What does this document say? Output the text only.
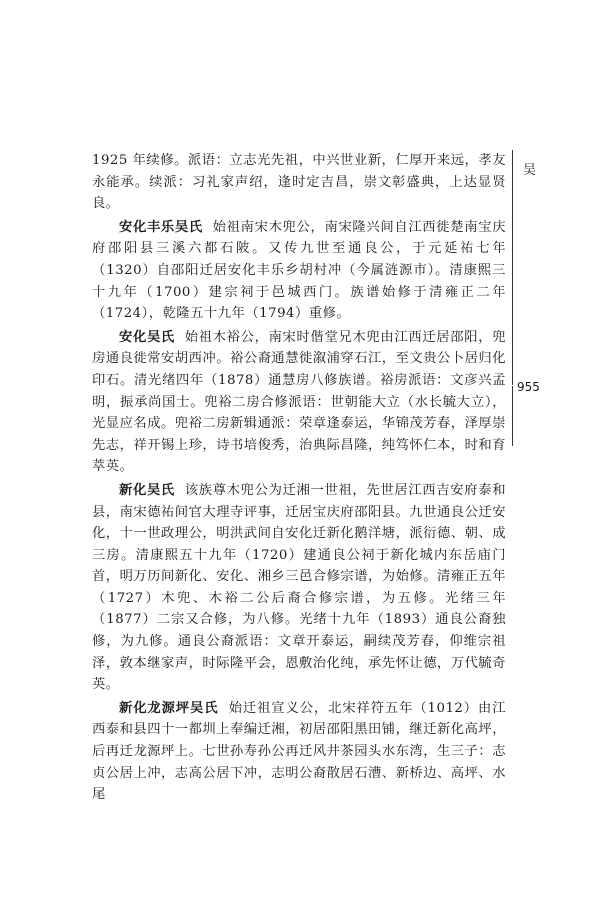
吴
955

1925 年续修。派语：立志光先祖，中兴世业新，仁厚开来远，孝友永能承。续派：习礼家声绍，逢时定吉昌，崇文彰盛典，上达显贤良。

安化丰乐吴氏 始祖南宋木兜公，南宋隆兴间自江西徙楚南宝庆府邵阳县三溪六都石陂。又传九世至通良公，于元延祐七年（1320）自邵阳迁居安化丰乐乡胡村冲（今属涟源市）。清康熙三十九年（1700）建宗祠于邑城西门。族谱始修于清雍正二年（1724），乾隆五十九年（1794）重修。

安化吴氏 始祖木裕公，南宋时偕堂兄木兜由江西迁居邵阳，兜房通良徙常安胡西冲。裕公裔通慧徙溆浦穿石江，至文贵公卜居归化印石。清光绪四年（1878）通慧房八修族谱。裕房派语：文彦兴孟明，振承尚国士。兜裕二房合修派语：世朝能大立（水长毓大立），光显应名成。兜裕二房新辑通派：荣章逢泰运，华锦茂芳春，泽厚崇先志，祥开锡上珍，诗书培俊秀，治典际昌隆，纯笃怀仁本，时和育萃英。

新化吴氏 该族尊木兜公为迁湘一世祖，先世居江西吉安府泰和县，南宋德祐间官大理寺评事，迁居宝庆府邵阳县。九世通良公迁安化，十一世政理公，明洪武间自安化迁新化鹅洋塘，派衍德、朝、成三房。清康熙五十九年（1720）建通良公祠于新化城内东岳庙门首，明万历间新化、安化、湘乡三邑合修宗谱，为始修。清雍正五年（1727）木兜、木裕二公后裔合修宗谱，为五修。光绪三年（1877）二宗又合修，为八修。光绪十九年（1893）通良公裔独修，为九修。通良公裔派语：文章开泰运，嗣续茂芳春，仰维宗祖泽，敦本继家声，时际隆平会，恩敷治化纯，承先怀让德，万代毓奇英。

新化龙源坪吴氏 始迁祖宣义公，北宋祥符五年（1012）由江西泰和县四十一都圳上奉编迁湘，初居邵阳黑田铺，继迁新化高坪，后再迁龙源坪上。七世孙寿孙公再迁风井茶园头水东湾，生三子：志贞公居上冲，志高公居下冲，志明公裔散居石漕、新桥边、高坪、水尾
